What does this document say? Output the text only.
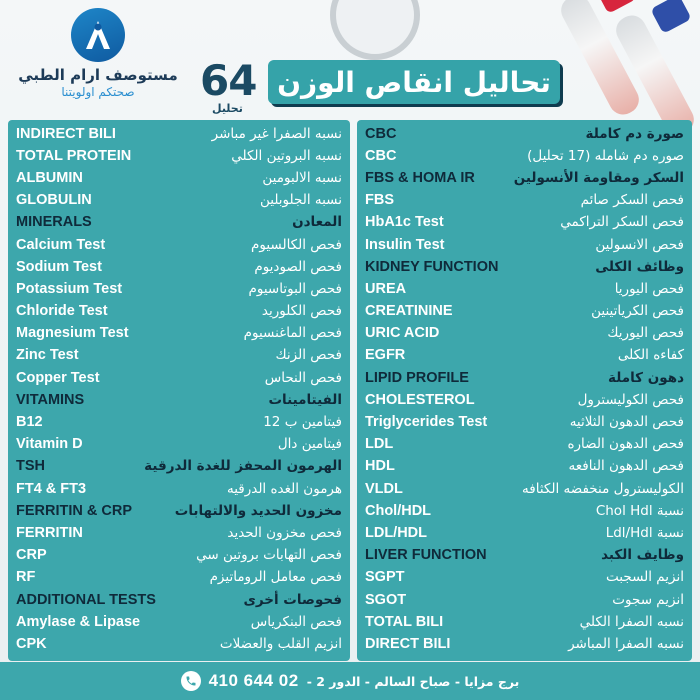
مستوصف ارام الطبي
صحتكم اولويتنا	64
تحليل
تحاليل انقاص الوزن
INDIRECT BILI	نسبه الصفرا غير مباشر
TOTAL PROTEIN	نسبه البروتين الكلي
ALBUMIN	نسبه الالبومين
GLOBULIN	نسبه الجلوبلين
MINERALS	المعادن
Calcium Test	فحص الكالسيوم
Sodium Test	فحص الصوديوم
Potassium Test	فحص البوتاسيوم
Chloride Test	فحص الكلوريد
Magnesium Test	فحص الماغنسيوم
Zinc Test	فحص الزنك
Copper Test	فحص النحاس
VITAMINS	الفيتامينات
B12	فيتامين ب 12
Vitamin D	فيتامين دال
TSH	الهرمون المحفز للغدة الدرقية
FT4 & FT3	هرمون الغده الدرقيه
FERRITIN & CRP	مخزون الحديد والالتهابات
FERRITIN	فحص مخزون الحديد
CRP	فحص التهابات بروتين سي
RF	فحص معامل الروماتيزم
ADDITIONAL TESTS	فحوصات أخرى
Amylase & Lipase	فحص البنكرياس
CPK	انزيم القلب والعضلات
CBC	صورة دم كاملة
CBC	صوره دم شامله (17 تحليل)
FBS & HOMA IR	السكر ومقاومة الأنسولين
FBS	فحص السكر صائم
HbA1c Test	فحص السكر التراكمي
Insulin Test	فحص الانسولين
KIDNEY FUNCTION	وظائف الكلى
UREA	فحص اليوريا
CREATININE	فحص الكرياتينين
URIC ACID	فحص اليوريك
EGFR	كفاءه الكلى
LIPID PROFILE	دهون كاملة
CHOLESTEROL	فحص الكوليسترول
Triglycerides Test	فحص الدهون الثلاثيه
LDL	فحص الدهون الضاره
HDL	فحص الدهون النافعه
VLDL	الكوليسترول منخفضه الكثافه
Chol/HDL	نسبة Chol Hdl
LDL/HDL	نسبة Ldl/Hdl
LIVER FUNCTION	وظايف الكبد
SGPT	انزيم السجبت
SGOT	انزيم سجوت
TOTAL BILI	نسبه الصفرا الكلي
DIRECT BILI	نسبه الصفرا المباشر
410 644 02 برج مزايا - صباح السالم - الدور 2 -
